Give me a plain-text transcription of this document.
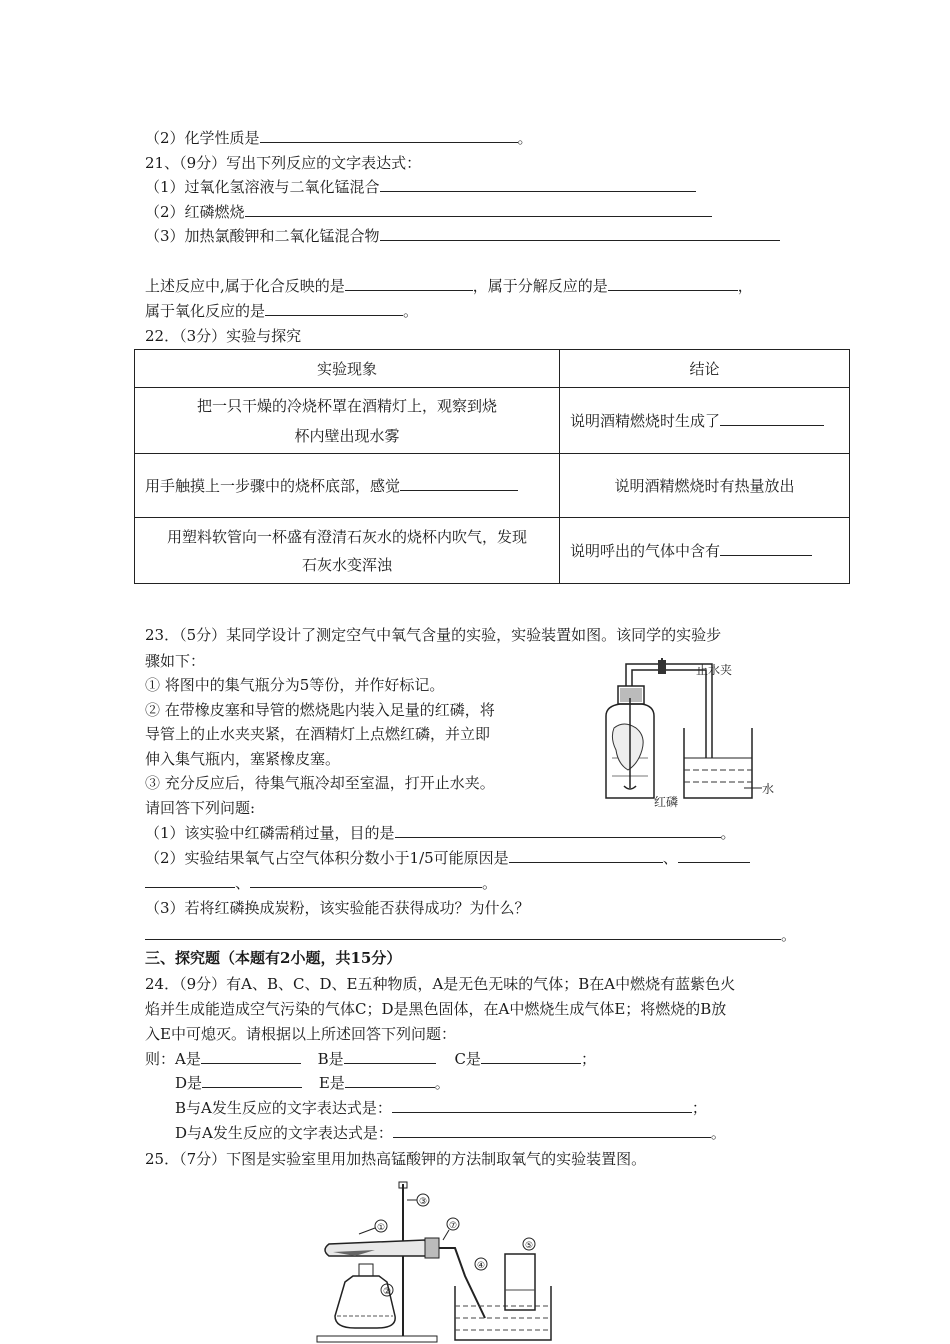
（2）化学性质是	。
21、（9分）写出下列反应的文字表达式：
（1）过氧化氢溶液与二氧化锰混合
（2）红磷燃烧
（3）加热氯酸钾和二氧化锰混合物
上述反应中,属于化合反映的是	，属于分解反应的是	，
属于氧化反应的是	。
22．（3分）实验与探究
实验现象	结论

把一只干燥的冷烧杯罩在酒精灯上，观察到烧
杯内壁出现水雾	说明酒精燃烧时生成了
用手触摸上一步骤中的烧杯底部，感觉	说明酒精燃烧时有热量放出

用塑料软管向一杯盛有澄清石灰水的烧杯内吹气，发现
石灰水变浑浊	说明呼出的气体中含有
23．（5分）某同学设计了测定空气中氧气含量的实验，实验装置如图。该同学的实验步
骤如下：
① 将图中的集气瓶分为5等份，并作好标记。
② 在带橡皮塞和导管的燃烧匙内装入足量的红磷，将
导管上的止水夹夹紧，在酒精灯上点燃红磷，并立即
伸入集气瓶内，塞紧橡皮塞。
③ 充分反应后，待集气瓶冷却至室温，打开止水夹。
请回答下列问题:
（1）该实验中红磷需稍过量，目的是	。
（2）实验结果氧气占空气体积分数小于1/5可能原因是	、
、	。
（3）若将红磷换成炭粉，该实验能否获得成功？为什么？
。
止水夹
水
红磷
三、探究题（本题有2小题，共15分）
24．（9分）有A、B、C、D、E五种物质，A是无色无味的气体；B在A中燃烧有蓝紫色火
焰并生成能造成空气污染的气体C；D是黑色固体，在A中燃烧生成气体E；将燃烧的B放
入E中可熄灭。请根据以上所述回答下列问题：
则：A是	B是	C是	；
D是	E是	。
B与A发生反应的文字表达式是：	；
D与A发生反应的文字表达式是：	。
25．（7分）下图是实验室里用加热高锰酸钾的方法制取氧气的实验装置图。
③
①	⑦
②
④
⑤
